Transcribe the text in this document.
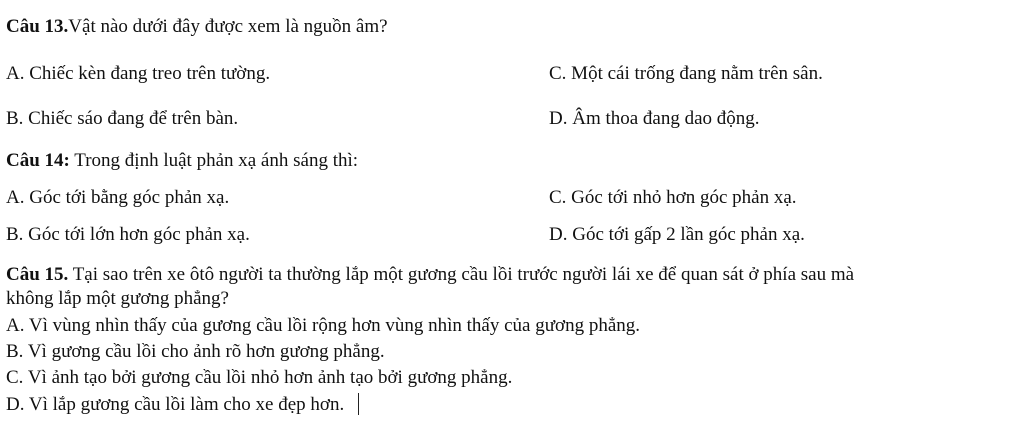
Câu 13.Vật nào dưới đây được xem là nguồn âm?
A. Chiếc kèn đang treo trên tường.	C. Một cái trống đang nằm trên sân.
B. Chiếc sáo đang để trên bàn.	D. Âm thoa đang dao động.
Câu 14: Trong định luật phản xạ ánh sáng thì:
A. Góc tới bằng góc phản xạ.	C. Góc tới nhỏ hơn góc phản xạ.
B. Góc tới lớn hơn góc phản xạ.	D. Góc tới gấp 2 lần góc phản xạ.
Câu 15. Tại sao trên xe ôtô người ta thường lắp một gương cầu lồi trước người lái xe để quan sát ở phía sau mà
không lắp một gương phẳng?
A. Vì vùng nhìn thấy của gương cầu lồi rộng hơn vùng nhìn thấy của gương phẳng.
B. Vì gương cầu lồi cho ảnh rõ hơn gương phẳng.
C. Vì ảnh tạo bởi gương cầu lồi nhỏ hơn ảnh tạo bởi gương phẳng.
D. Vì lắp gương cầu lồi làm cho xe đẹp hơn.
